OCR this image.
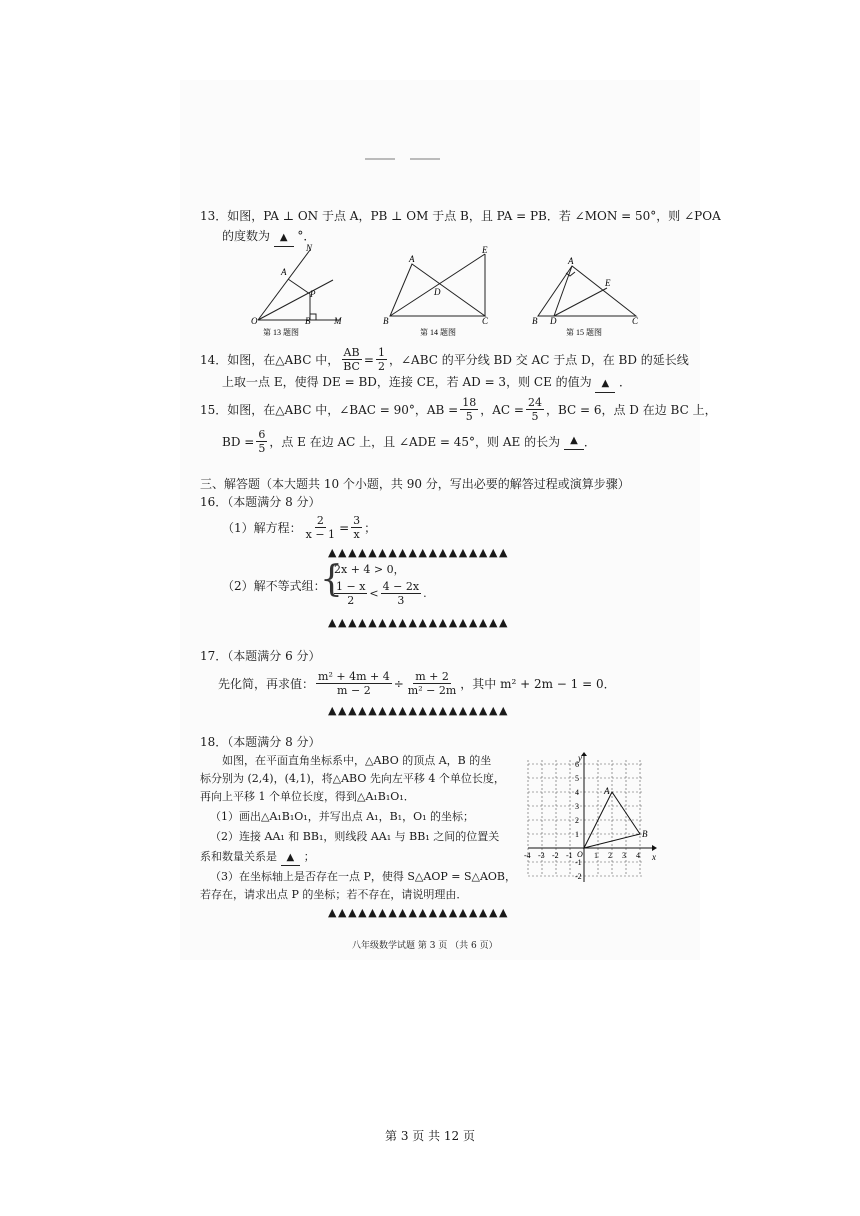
13．如图，PA ⊥ ON 于点 A，PB ⊥ OM 于点 B，且 PA = PB．若 ∠MON = 50°，则 ∠POA
的度数为 ▲ °．
N
A
P
O	B	M
第 13 题图
A
E
D
B	C
第 14 题图
A
E
B D	C
第 15 题图
14．如图，在△ABC 中， $\frac{AB}{BC} = \frac{1}{2}$ ，∠ABC 的平分线 BD 交 AC 于点 D，在 BD 的延长线
上取一点 E，使得 DE = BD，连接 CE，若 AD = 3，则 CE 的值为 ▲ ．
15．如图，在△ABC 中，∠BAC = 90°，AB = $\frac{18}{5}$ ，AC = $\frac{24}{5}$ ，BC = 6，点 D 在边 BC 上，
BD = $\frac{6}{5}$ ，点 E 在边 AC 上，且 ∠ADE = 45°，则 AE 的长为	▲ ．
三、解答题（本大题共 10 个小题，共 90 分，写出必要的解答过程或演算步骤）
16．（本题满分 8 分）
（1）解方程： $\frac{2}{x - 1} = \frac{3}{x}$ ；
▲▲▲▲▲▲▲▲▲▲▲▲▲▲▲▲▲▲
（2）解不等式组：
{
2x + 4 > 0，
$\frac{1 - x}{2} < \frac{4 - 2x}{3}$ .
▲▲▲▲▲▲▲▲▲▲▲▲▲▲▲▲▲▲
17．（本题满分 6 分）
先化简，再求值： $\frac{\text{m² + 4m + 4}}{m - 2} \div \frac{m + 2}{\text{m² − 2m}}$ ，其中 m² + 2m − 1 = 0．
▲▲▲▲▲▲▲▲▲▲▲▲▲▲▲▲▲▲
18．（本题满分 8 分）
如图，在平面直角坐标系中，△ABO 的顶点 A，B 的坐
标分别为 (2,4)，(4,1)，将△ABO 先向左平移 4 个单位长度，
再向上平移 1 个单位长度，得到△A₁B₁O₁．
（1）画出△A₁B₁O₁，并写出点 A₁，B₁，O₁ 的坐标；
（2）连接 AA₁ 和 BB₁，则线段 AA₁ 与 BB₁ 之间的位置关
系和数量关系是 ▲ ；
（3）在坐标轴上是否存在一点 P，使得 S△AOP = S△AOB，
若存在，请求出点 P 的坐标；若不存在，请说明理由．
▲▲▲▲▲▲▲▲▲▲▲▲▲▲▲▲▲▲
y
x
O
A
B
-4 -3 -2 -1	1 2 3 4
6
5
4
3
2
1
-1
-2
八年级数学试题 第 3 页 （共 6 页）
第 3 页 共 12 页
